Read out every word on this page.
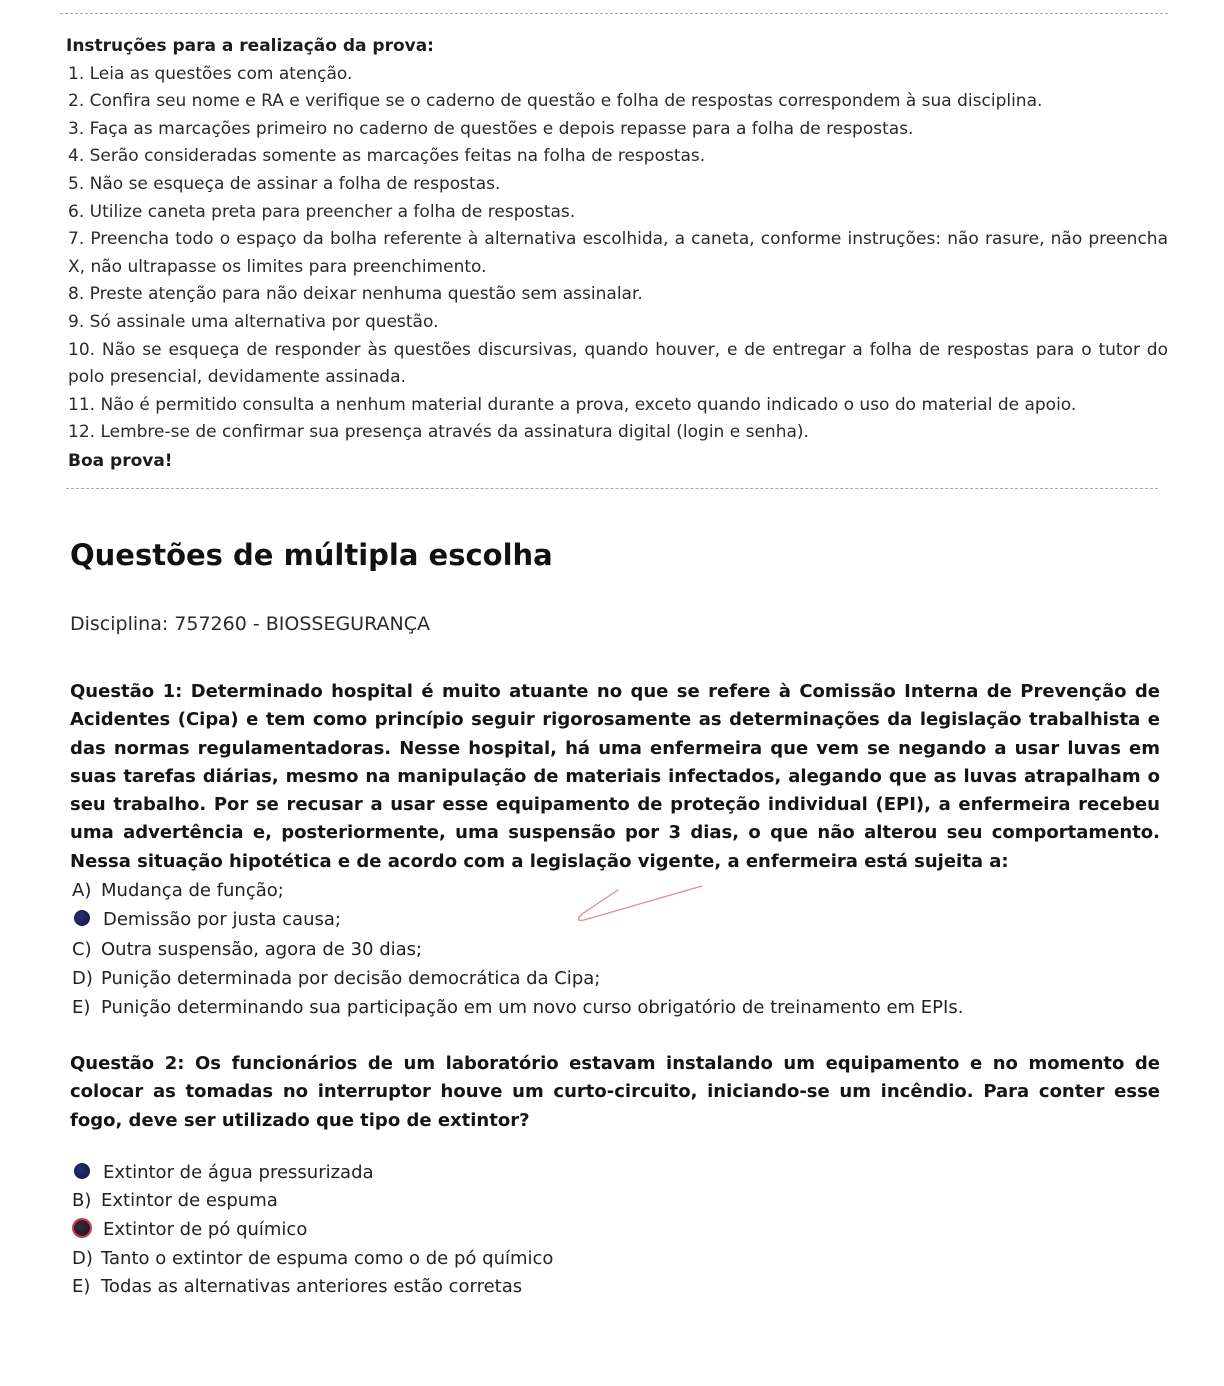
Instruções para a realização da prova:
1. Leia as questões com atenção.
2. Confira seu nome e RA e verifique se o caderno de questão e folha de respostas correspondem à sua disciplina.
3. Faça as marcações primeiro no caderno de questões e depois repasse para a folha de respostas.
4. Serão consideradas somente as marcações feitas na folha de respostas.
5. Não se esqueça de assinar a folha de respostas.
6. Utilize caneta preta para preencher a folha de respostas.
7. Preencha todo o espaço da bolha referente à alternativa escolhida, a caneta, conforme instruções: não rasure, não preencha X, não ultrapasse os limites para preenchimento.
8. Preste atenção para não deixar nenhuma questão sem assinalar.
9. Só assinale uma alternativa por questão.
10. Não se esqueça de responder às questões discursivas, quando houver, e de entregar a folha de respostas para o tutor do polo presencial, devidamente assinada.
11. Não é permitido consulta a nenhum material durante a prova, exceto quando indicado o uso do material de apoio.
12. Lembre-se de confirmar sua presença através da assinatura digital (login e senha).
Boa prova!
Questões de múltipla escolha
Disciplina: 757260 - BIOSSEGURANÇA
Questão 1: Determinado hospital é muito atuante no que se refere à Comissão Interna de Prevenção de Acidentes (Cipa) e tem como princípio seguir rigorosamente as determinações da legislação trabalhista e das normas regulamentadoras. Nesse hospital, há uma enfermeira que vem se negando a usar luvas em suas tarefas diárias, mesmo na manipulação de materiais infectados, alegando que as luvas atrapalham o seu trabalho. Por se recusar a usar esse equipamento de proteção individual (EPI), a enfermeira recebeu uma advertência e, posteriormente, uma suspensão por 3 dias, o que não alterou seu comportamento. Nessa situação hipotética e de acordo com a legislação vigente, a enfermeira está sujeita a:
A) Mudança de função;
Demissão por justa causa;
C) Outra suspensão, agora de 30 dias;
D) Punição determinada por decisão democrática da Cipa;
E) Punição determinando sua participação em um novo curso obrigatório de treinamento em EPIs.
Questão 2: Os funcionários de um laboratório estavam instalando um equipamento e no momento de colocar as tomadas no interruptor houve um curto-circuito, iniciando-se um incêndio. Para conter esse fogo, deve ser utilizado que tipo de extintor?
Extintor de água pressurizada
B) Extintor de espuma
Extintor de pó químico
D) Tanto o extintor de espuma como o de pó químico
E) Todas as alternativas anteriores estão corretas
